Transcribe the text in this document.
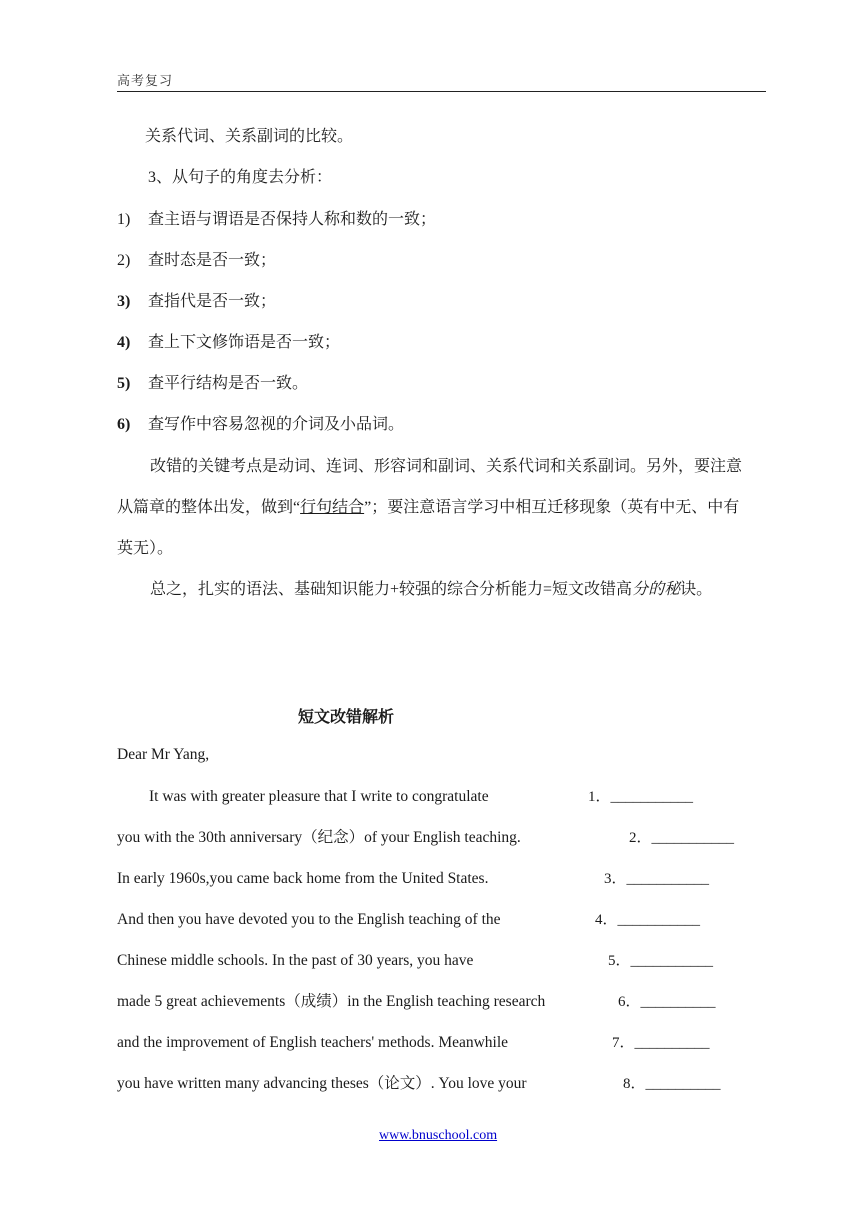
高考复习
关系代词、关系副词的比较。
3、从句子的角度去分析：
1) 查主语与谓语是否保持人称和数的一致；
2) 查时态是否一致；
3) 查指代是否一致；
4) 查上下文修饰语是否一致；
5) 查平行结构是否一致。
6) 查写作中容易忽视的介词及小品词。
改错的关键考点是动词、连词、形容词和副词、关系代词和关系副词。另外，要注意
从篇章的整体出发，做到“行句结合”；要注意语言学习中相互迁移现象（英有中无、中有
英无）。
总之，扎实的语法、基础知识能力+较强的综合分析能力=短文改错高分的秘诀。
短文改错解析
Dear Mr Yang,
It was with greater pleasure that I write to congratulate	1．___________
you with the 30th anniversary（纪念）of your English teaching.	2．___________
In early 1960s,you came back home from the United States.	3．___________
And then you have devoted you to the English teaching of the	4．___________
Chinese middle schools. In the past of 30 years, you have	5．___________
made 5 great achievements（成绩）in the English teaching research	6．__________
and the improvement of English teachers' methods. Meanwhile	7．__________
you have written many advancing theses（论文）. You love your	8．__________
www.bnuschool.com
